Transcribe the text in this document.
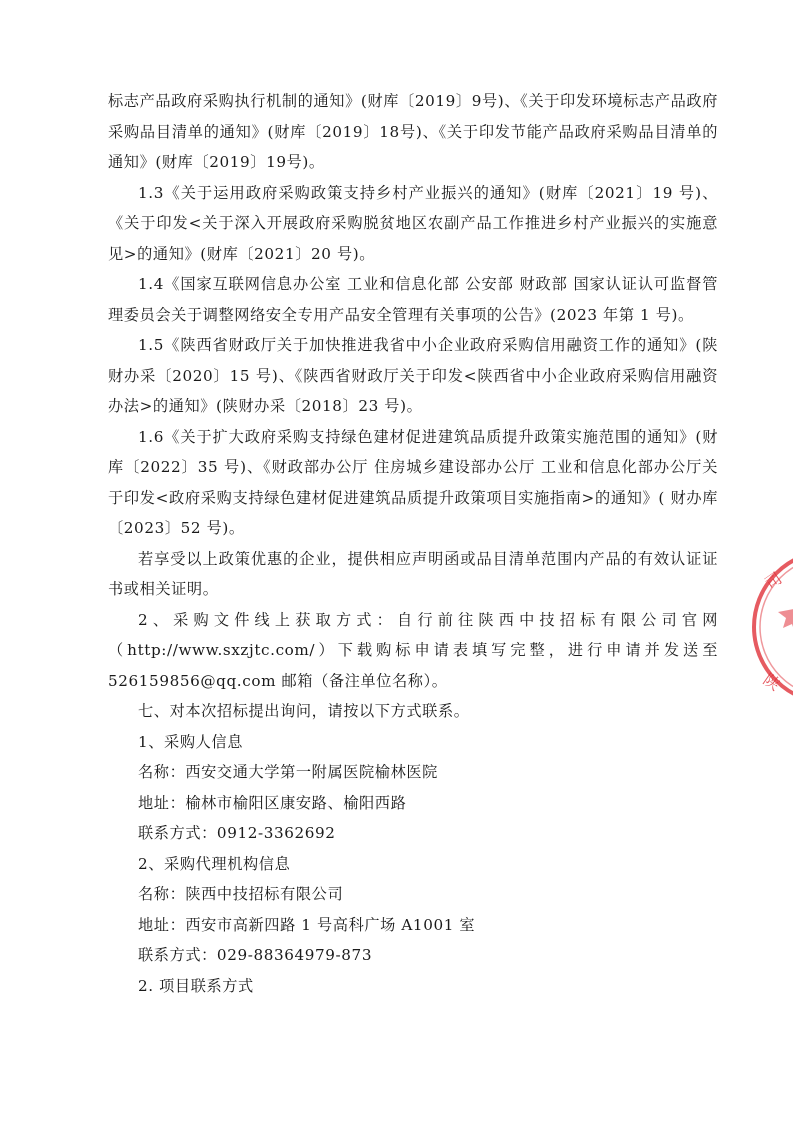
标志产品政府采购执行机制的通知》(财库〔2019〕9号)、《关于印发环境标志产品政府采购品目清单的通知》(财库〔2019〕18号)、《关于印发节能产品政府采购品目清单的通知》(财库〔2019〕19号)。

1.3《关于运用政府采购政策支持乡村产业振兴的通知》(财库〔2021〕19 号)、《关于印发<关于深入开展政府采购脱贫地区农副产品工作推进乡村产业振兴的实施意见>的通知》(财库〔2021〕20 号)。

1.4《国家互联网信息办公室 工业和信息化部 公安部 财政部 国家认证认可监督管理委员会关于调整网络安全专用产品安全管理有关事项的公告》(2023 年第 1 号)。

1.5《陕西省财政厅关于加快推进我省中小企业政府采购信用融资工作的通知》(陕财办采〔2020〕15 号)、《陕西省财政厅关于印发<陕西省中小企业政府采购信用融资办法>的通知》(陕财办采〔2018〕23 号)。

1.6《关于扩大政府采购支持绿色建材促进建筑品质提升政策实施范围的通知》(财库〔2022〕35 号)、《财政部办公厅 住房城乡建设部办公厅 工业和信息化部办公厅关于印发<政府采购支持绿色建材促进建筑品质提升政策项目实施指南>的通知》( 财办库〔2023〕52 号)。

若享受以上政策优惠的企业，提供相应声明函或品目清单范围内产品的有效认证证书或相关证明。

2、采购文件线上获取方式：自行前往陕西中技招标有限公司官网（http://www.sxzjtc.com/）下载购标申请表填写完整，进行申请并发送至 526159856@qq.com 邮箱（备注单位名称）。

七、对本次招标提出询问，请按以下方式联系。

1、采购人信息

名称：西安交通大学第一附属医院榆林医院

地址：榆林市榆阳区康安路、榆阳西路

联系方式：0912-3362692

2、采购代理机构信息

名称：陕西中技招标有限公司

地址：西安市高新四路 1 号高科广场 A1001 室

联系方式：029-88364979-873

2. 项目联系方式

司
陕
